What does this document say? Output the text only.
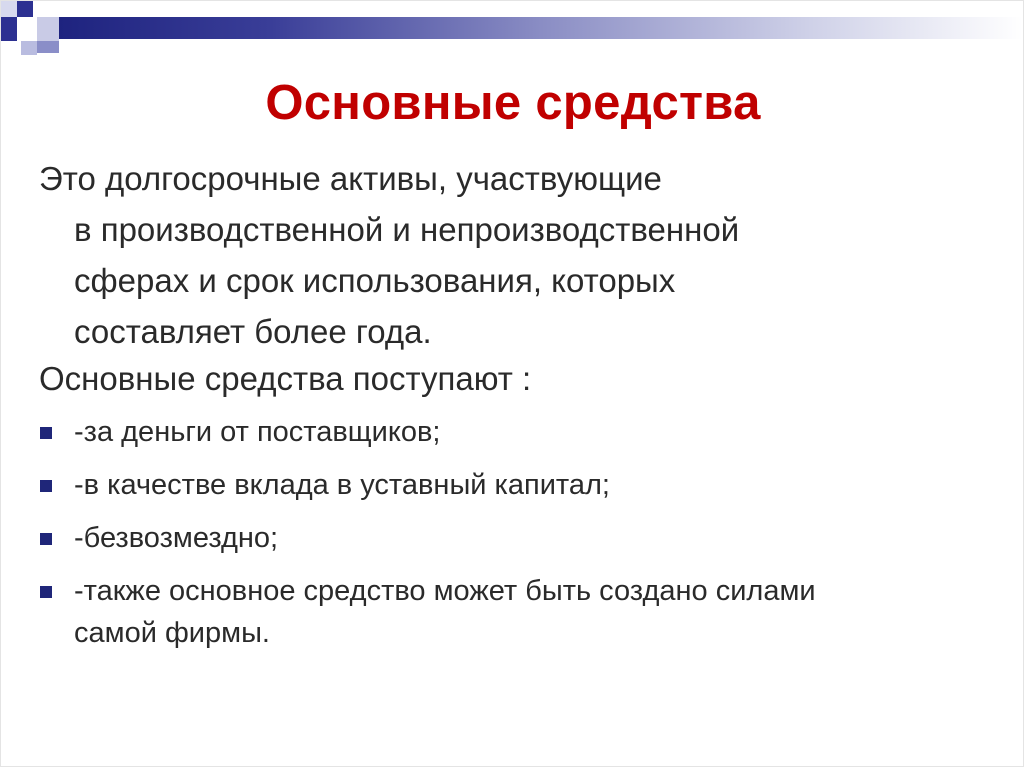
Основные средства
Это долгосрочные активы, участвующие
в производственной и непроизводственной
сферах и срок использования, которых
составляет более года.
Основные средства поступают :
-за деньги от поставщиков;
-в качестве вклада в уставный капитал;
-безвозмездно;
-также основное средство может быть создано силами
самой фирмы.
